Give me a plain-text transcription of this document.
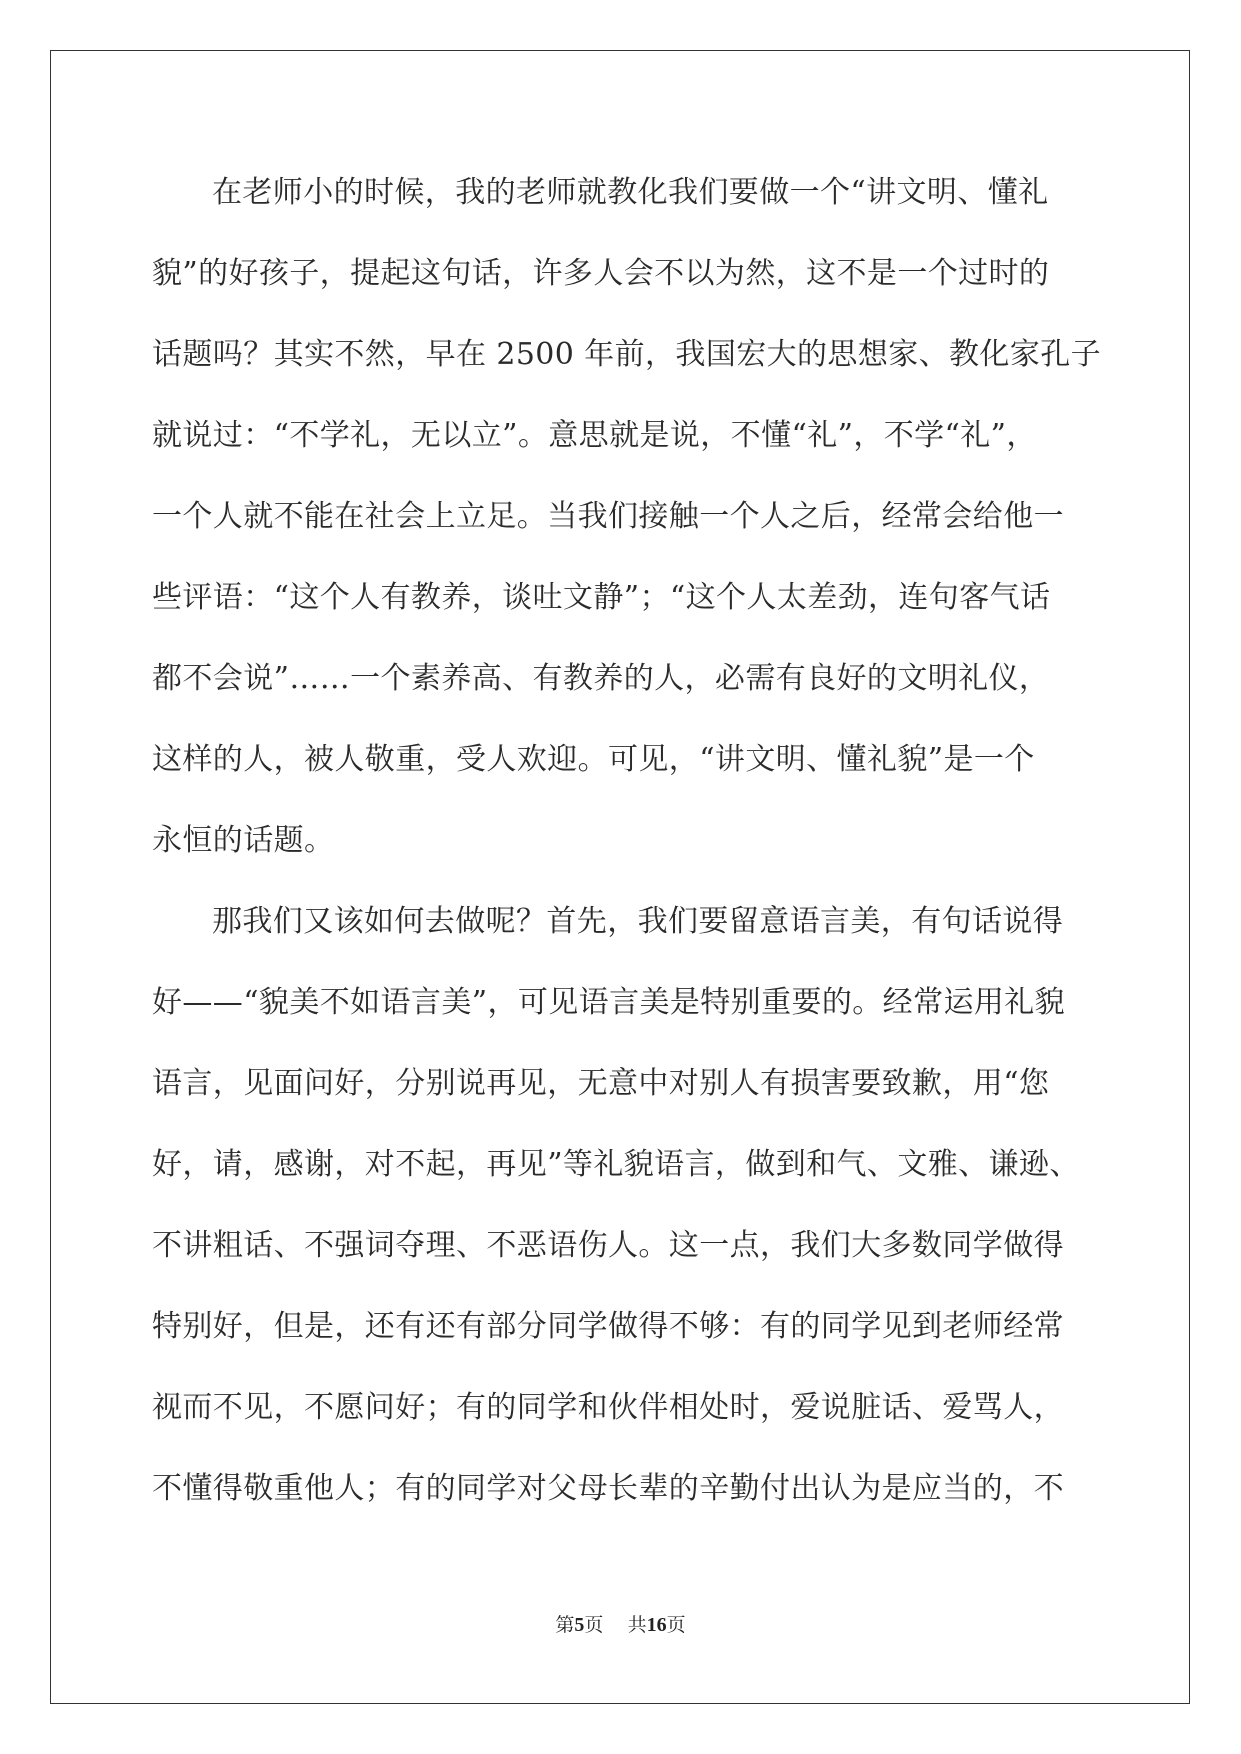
在老师小的时候，我的老师就教化我们要做一个“讲文明、懂礼
貌”的好孩子，提起这句话，许多人会不以为然，这不是一个过时的
话题吗？其实不然，早在 2500 年前，我国宏大的思想家、教化家孔子
就说过：“不学礼，无以立”。意思就是说，不懂“礼”，不学“礼”，
一个人就不能在社会上立足。当我们接触一个人之后，经常会给他一
些评语：“这个人有教养，谈吐文静”；“这个人太差劲，连句客气话
都不会说”……一个素养高、有教养的人，必需有良好的文明礼仪，
这样的人，被人敬重，受人欢迎。可见，“讲文明、懂礼貌”是一个
永恒的话题。
那我们又该如何去做呢？首先，我们要留意语言美，有句话说得
好——“貌美不如语言美”，可见语言美是特别重要的。经常运用礼貌
语言，见面问好，分别说再见，无意中对别人有损害要致歉，用“您
好，请，感谢，对不起，再见”等礼貌语言，做到和气、文雅、谦逊、
不讲粗话、不强词夺理、不恶语伤人。这一点，我们大多数同学做得
特别好，但是，还有还有部分同学做得不够：有的同学见到老师经常
视而不见，不愿问好；有的同学和伙伴相处时，爱说脏话、爱骂人，
不懂得敬重他人；有的同学对父母长辈的辛勤付出认为是应当的，不
第5页    共16页
